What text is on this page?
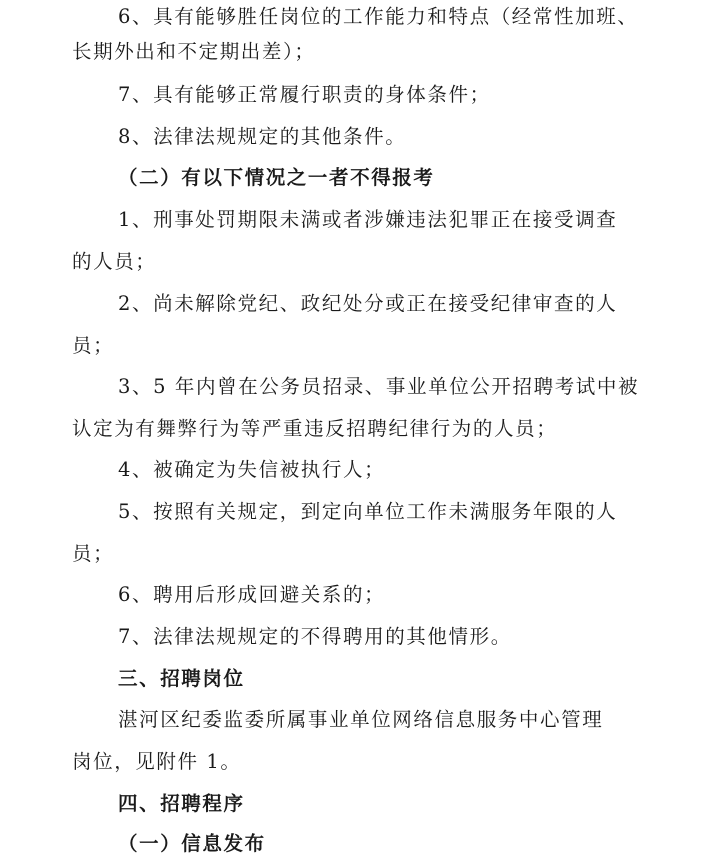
6、具有能够胜任岗位的工作能力和特点（经常性加班、
长期外出和不定期出差）；
7、具有能够正常履行职责的身体条件；
8、法律法规规定的其他条件。
（二）有以下情况之一者不得报考
1、刑事处罚期限未满或者涉嫌违法犯罪正在接受调查
的人员；
2、尚未解除党纪、政纪处分或正在接受纪律审查的人
员；
3、5 年内曾在公务员招录、事业单位公开招聘考试中被
认定为有舞弊行为等严重违反招聘纪律行为的人员；
4、被确定为失信被执行人；
5、按照有关规定，到定向单位工作未满服务年限的人
员；
6、聘用后形成回避关系的；
7、法律法规规定的不得聘用的其他情形。
三、招聘岗位
湛河区纪委监委所属事业单位网络信息服务中心管理
岗位，见附件 1。
四、招聘程序
（一）信息发布
